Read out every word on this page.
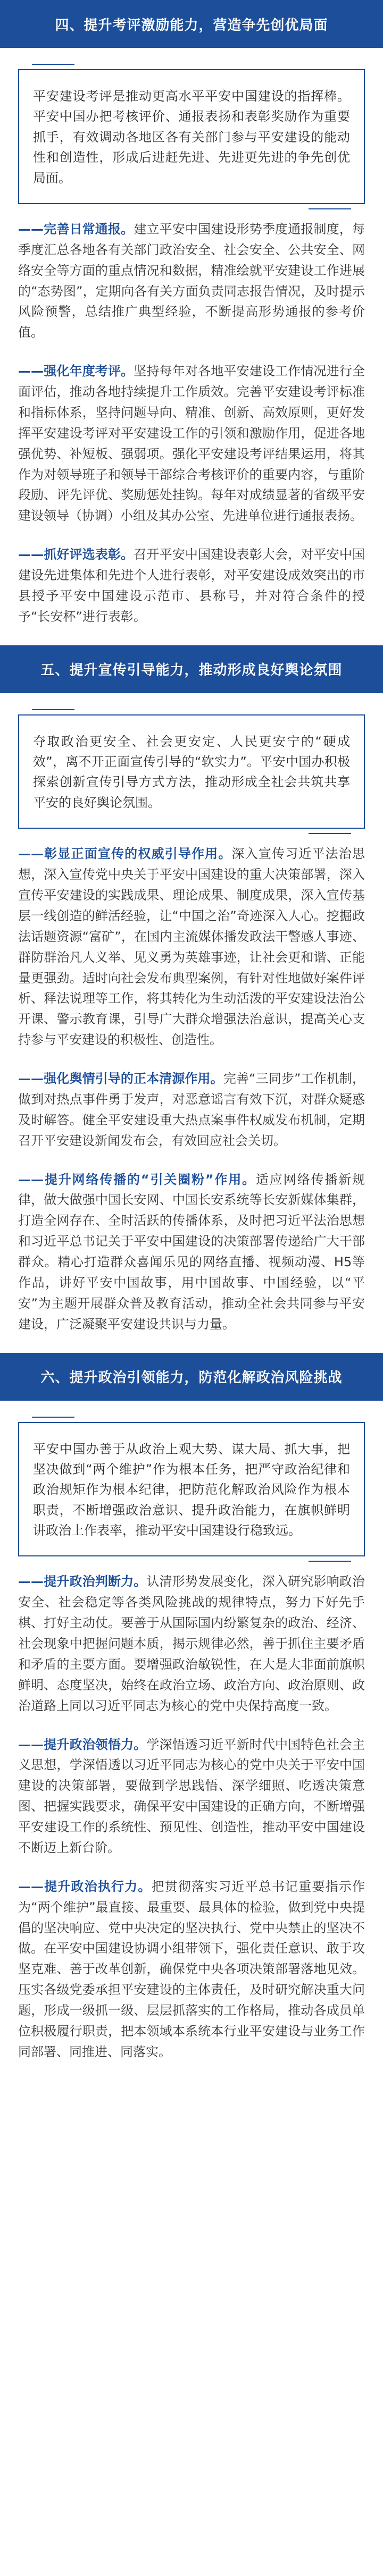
四、提升考评激励能力，营造争先创优局面
平安建设考评是推动更高水平平安中国建设的指挥棒。平安中国办把考核评价、通报表扬和表彰奖励作为重要抓手，有效调动各地区各有关部门参与平安建设的能动性和创造性，形成后进赶先进、先进更先进的争先创优局面。

——完善日常通报。建立平安中国建设形势季度通报制度，每季度汇总各地各有关部门政治安全、社会安全、公共安全、网络安全等方面的重点情况和数据，精准绘就平安建设工作进展的“态势图”，定期向各有关方面负责同志报告情况，及时提示风险预警，总结推广典型经验，不断提高形势通报的参考价值。

——强化年度考评。坚持每年对各地平安建设工作情况进行全面评估，推动各地持续提升工作质效。完善平安建设考评标准和指标体系，坚持问题导向、精准、创新、高效原则，更好发挥平安建设考评对平安建设工作的引领和激励作用，促进各地强优势、补短板、强弱项。强化平安建设考评结果运用，将其作为对领导班子和领导干部综合考核评价的重要内容，与重阶段励、评先评优、奖励惩处挂钩。每年对成绩显著的省级平安建设领导（协调）小组及其办公室、先进单位进行通报表扬。

——抓好评选表彰。召开平安中国建设表彰大会，对平安中国建设先进集体和先进个人进行表彰，对平安建设成效突出的市县授予平安中国建设示范市、县称号，并对符合条件的授予“长安杯”进行表彰。

五、提升宣传引导能力，推动形成良好舆论氛围
夺取政治更安全、社会更安定、人民更安宁的“硬成效”，离不开正面宣传引导的“软实力”。平安中国办积极探索创新宣传引导方式方法，推动形成全社会共筑共享平安的良好舆论氛围。

——彰显正面宣传的权威引导作用。深入宣传习近平法治思想，深入宣传党中央关于平安中国建设的重大决策部署，深入宣传平安建设的实践成果、理论成果、制度成果，深入宣传基层一线创造的鲜活经验，让“中国之治”奇迹深入人心。挖掘政法话题资源“富矿”，在国内主流媒体播发政法干警感人事迹、群防群治凡人义举、见义勇为英雄事迹，让社会更和谐、正能量更强劲。适时向社会发布典型案例，有针对性地做好案件评析、释法说理等工作，将其转化为生动活泼的平安建设法治公开课、警示教育课，引导广大群众增强法治意识，提高关心支持参与平安建设的积极性、创造性。

——强化舆情引导的正本清源作用。完善“三同步”工作机制，做到对热点事件勇于发声，对恶意谣言有效下沉，对群众疑惑及时解答。健全平安建设重大热点案事件权威发布机制，定期召开平安建设新闻发布会，有效回应社会关切。

——提升网络传播的“引关圈粉”作用。适应网络传播新规律，做大做强中国长安网、中国长安系统等长安新媒体集群，打造全网存在、全时活跃的传播体系，及时把习近平法治思想和习近平总书记关于平安中国建设的决策部署传递给广大干部群众。精心打造群众喜闻乐见的网络直播、视频动漫、H5等作品，讲好平安中国故事，用中国故事、中国经验，以“平安”为主题开展群众普及教育活动，推动全社会共同参与平安建设，广泛凝聚平安建设共识与力量。

六、提升政治引领能力，防范化解政治风险挑战
平安中国办善于从政治上观大势、谋大局、抓大事，把坚决做到“两个维护”作为根本任务，把严守政治纪律和政治规矩作为根本纪律，把防范化解政治风险作为根本职责，不断增强政治意识、提升政治能力，在旗帜鲜明讲政治上作表率，推动平安中国建设行稳致远。

——提升政治判断力。认清形势发展变化，深入研究影响政治安全、社会稳定等各类风险挑战的规律特点，努力下好先手棋、打好主动仗。要善于从国际国内纷繁复杂的政治、经济、社会现象中把握问题本质，揭示规律必然，善于抓住主要矛盾和矛盾的主要方面。要增强政治敏锐性，在大是大非面前旗帜鲜明、态度坚决，始终在政治立场、政治方向、政治原则、政治道路上同以习近平同志为核心的党中央保持高度一致。

——提升政治领悟力。学深悟透习近平新时代中国特色社会主义思想，学深悟透以习近平同志为核心的党中央关于平安中国建设的决策部署，要做到学思践悟、深学细照、吃透决策意图、把握实践要求，确保平安中国建设的正确方向，不断增强平安建设工作的系统性、预见性、创造性，推动平安中国建设不断迈上新台阶。

——提升政治执行力。把贯彻落实习近平总书记重要指示作为“两个维护”最直接、最重要、最具体的检验，做到党中央提倡的坚决响应、党中央决定的坚决执行、党中央禁止的坚决不做。在平安中国建设协调小组带领下，强化责任意识、敢于攻坚克难、善于改革创新，确保党中央各项决策部署落地见效。压实各级党委承担平安建设的主体责任，及时研究解决重大问题，形成一级抓一级、层层抓落实的工作格局，推动各成员单位积极履行职责，把本领域本系统本行业平安建设与业务工作同部署、同推进、同落实。
